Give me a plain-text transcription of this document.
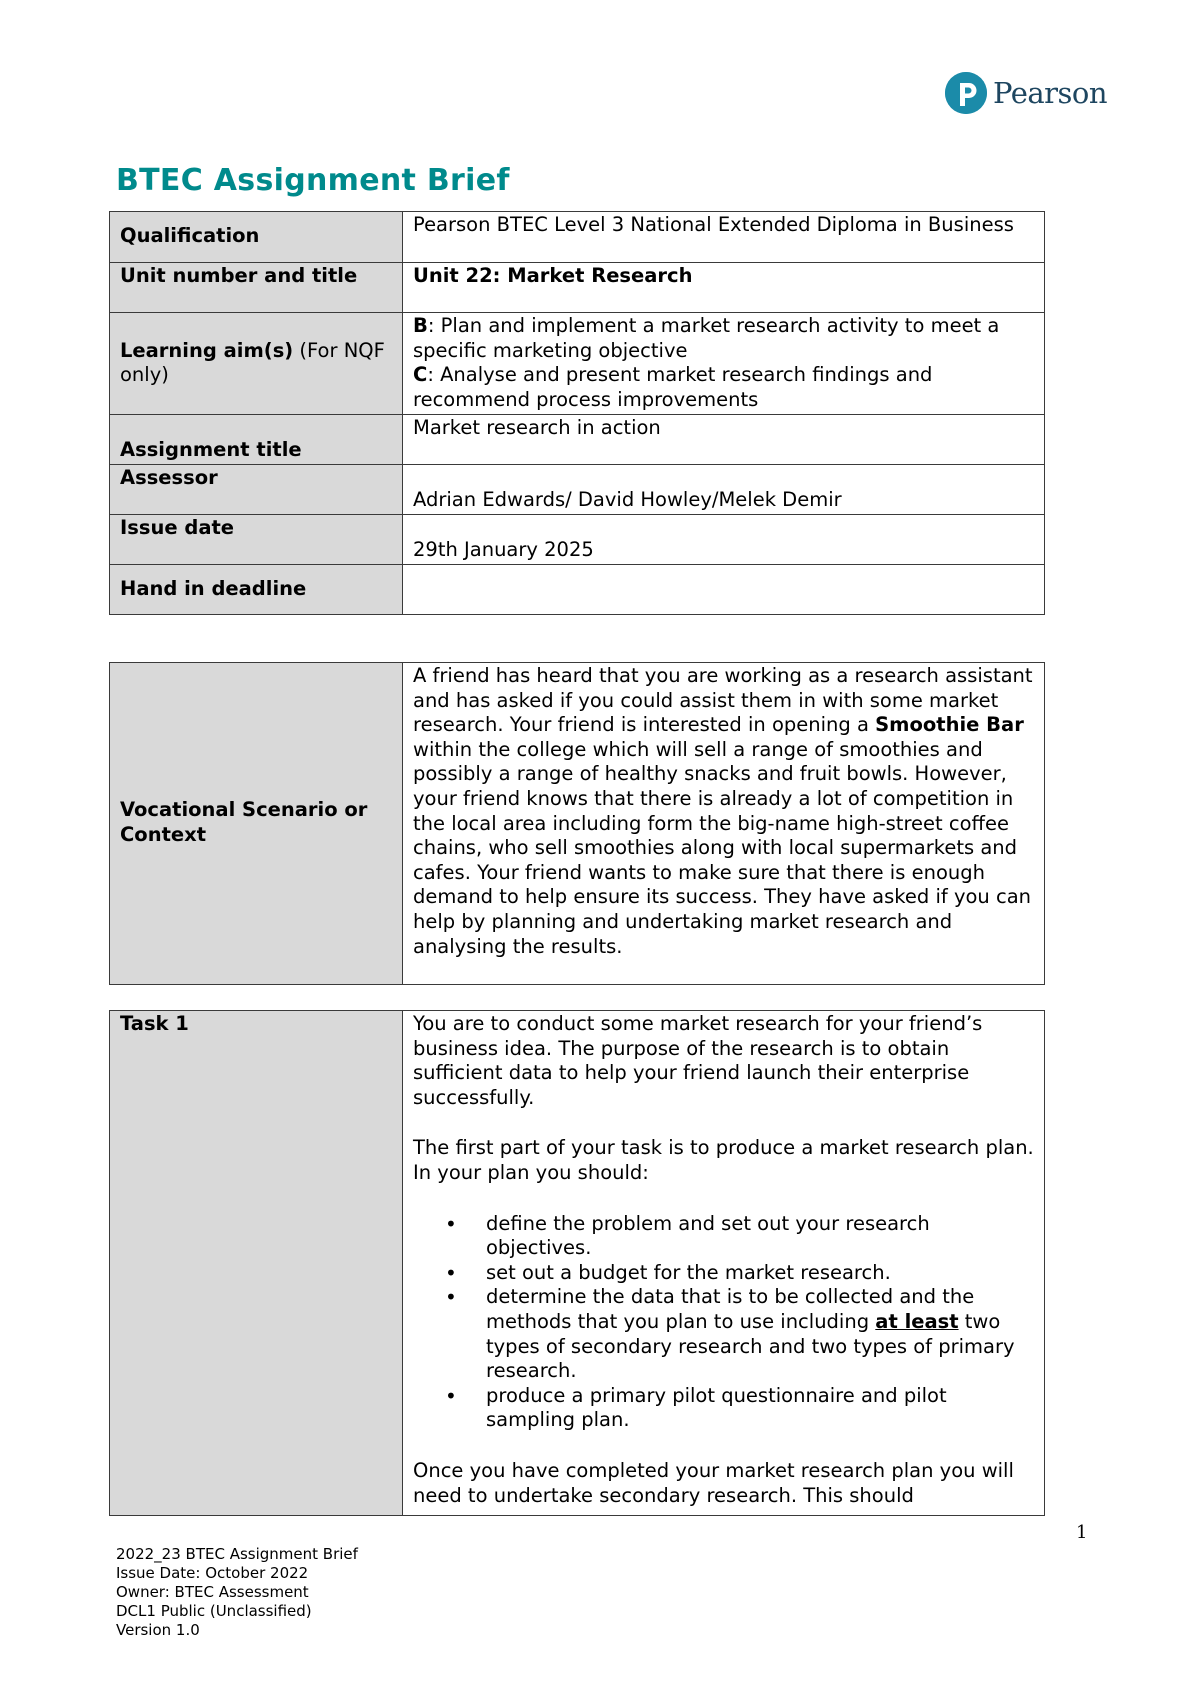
Pearson
BTEC Assignment Brief
Qualification	Pearson BTEC Level 3 National Extended Diploma in Business
Unit number and title	Unit 22: Market Research
Learning aim(s) (For NQF only)	B: Plan and implement a market research activity to meet a specific marketing objective
C: Analyse and present market research findings and recommend process improvements

Assignment title	Market research in action
Assessor	Adrian Edwards/ David Howley/Melek Demir
Issue date	29th January 2025
Hand in deadline	
Vocational Scenario or Context	A friend has heard that you are working as a research assistant and has asked if you could assist them in with some market research. Your friend is interested in opening a Smoothie Bar within the college which will sell a range of smoothies and possibly a range of healthy snacks and fruit bowls. However, your friend knows that there is already a lot of competition in the local area including form the big-name high-street coffee chains, who sell smoothies along with local supermarkets and cafes. Your friend wants to make sure that there is enough demand to help ensure its success. They have asked if you can help by planning and undertaking market research and analysing the results.
Task 1	You are to conduct some market research for your friend’s business idea. The purpose of the research is to obtain sufficient data to help your friend launch their enterprise successfully.

The first part of your task is to produce a market research plan. In your plan you should:

• define the problem and set out your research objectives.
• set out a budget for the market research.
• determine the data that is to be collected and the methods that you plan to use including at least two types of secondary research and two types of primary research.
• produce a primary pilot questionnaire and pilot sampling plan.

Once you have completed your market research plan you will need to undertake secondary research. This should

1
2022_23 BTEC Assignment Brief
Issue Date: October 2022
Owner: BTEC Assessment
DCL1 Public (Unclassified)
Version 1.0
